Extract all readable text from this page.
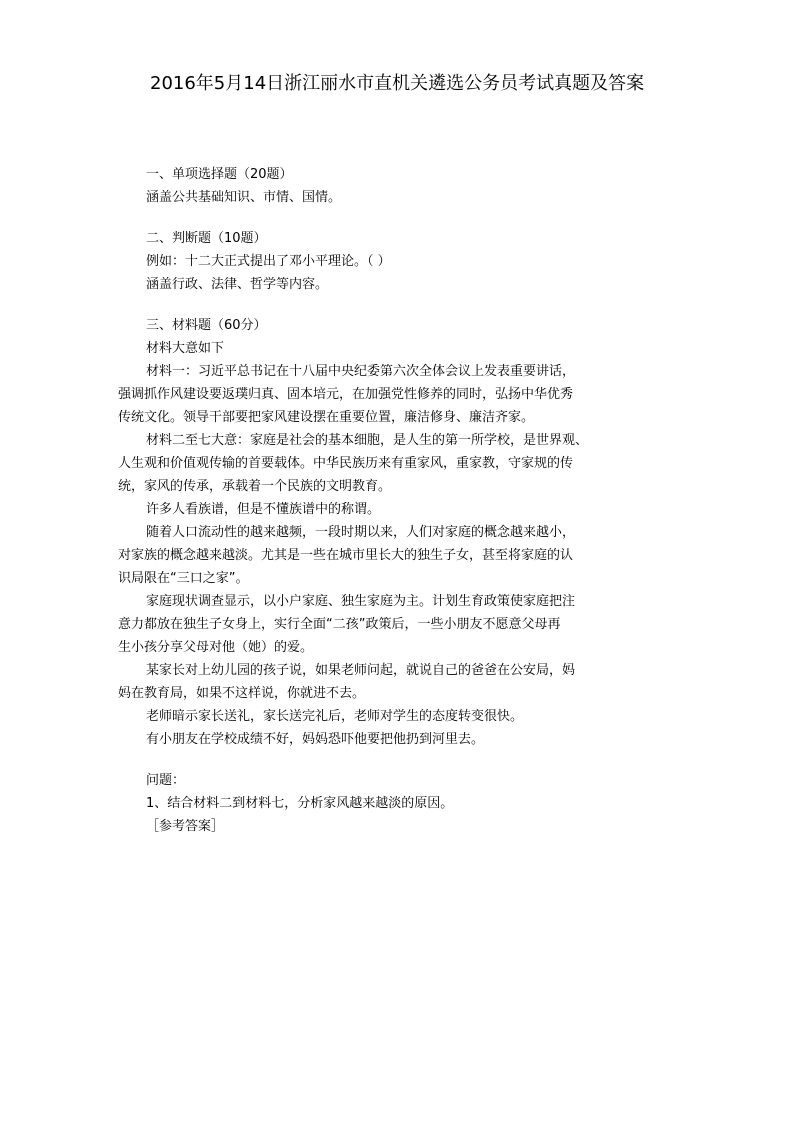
2016年5月14日浙江丽水市直机关遴选公务员考试真题及答案
一、单项选择题（20题）
涵盖公共基础知识、市情、国情。
二、判断题（10题）
例如：十二大正式提出了邓小平理论。（ ）
涵盖行政、法律、哲学等内容。
三、材料题（60分）
材料大意如下
材料一：习近平总书记在十八届中央纪委第六次全体会议上发表重要讲话，
强调抓作风建设要返璞归真、固本培元，在加强党性修养的同时，弘扬中华优秀
传统文化。领导干部要把家风建设摆在重要位置，廉洁修身、廉洁齐家。
材料二至七大意：家庭是社会的基本细胞，是人生的第一所学校，是世界观、
人生观和价值观传输的首要载体。中华民族历来有重家风，重家教，守家规的传
统，家风的传承，承载着一个民族的文明教育。
许多人看族谱，但是不懂族谱中的称谓。
随着人口流动性的越来越频，一段时期以来，人们对家庭的概念越来越小，
对家族的概念越来越淡。尤其是一些在城市里长大的独生子女，甚至将家庭的认
识局限在“三口之家”。
家庭现状调查显示，以小户家庭、独生家庭为主。计划生育政策使家庭把注
意力都放在独生子女身上，实行全面“二孩”政策后，一些小朋友不愿意父母再
生小孩分享父母对他（她）的爱。
某家长对上幼儿园的孩子说，如果老师问起，就说自己的爸爸在公安局，妈
妈在教育局，如果不这样说，你就进不去。
老师暗示家长送礼，家长送完礼后，老师对学生的态度转变很快。
有小朋友在学校成绩不好，妈妈恐吓他要把他扔到河里去。
问题：
1、结合材料二到材料七，分析家风越来越淡的原因。
［参考答案］
